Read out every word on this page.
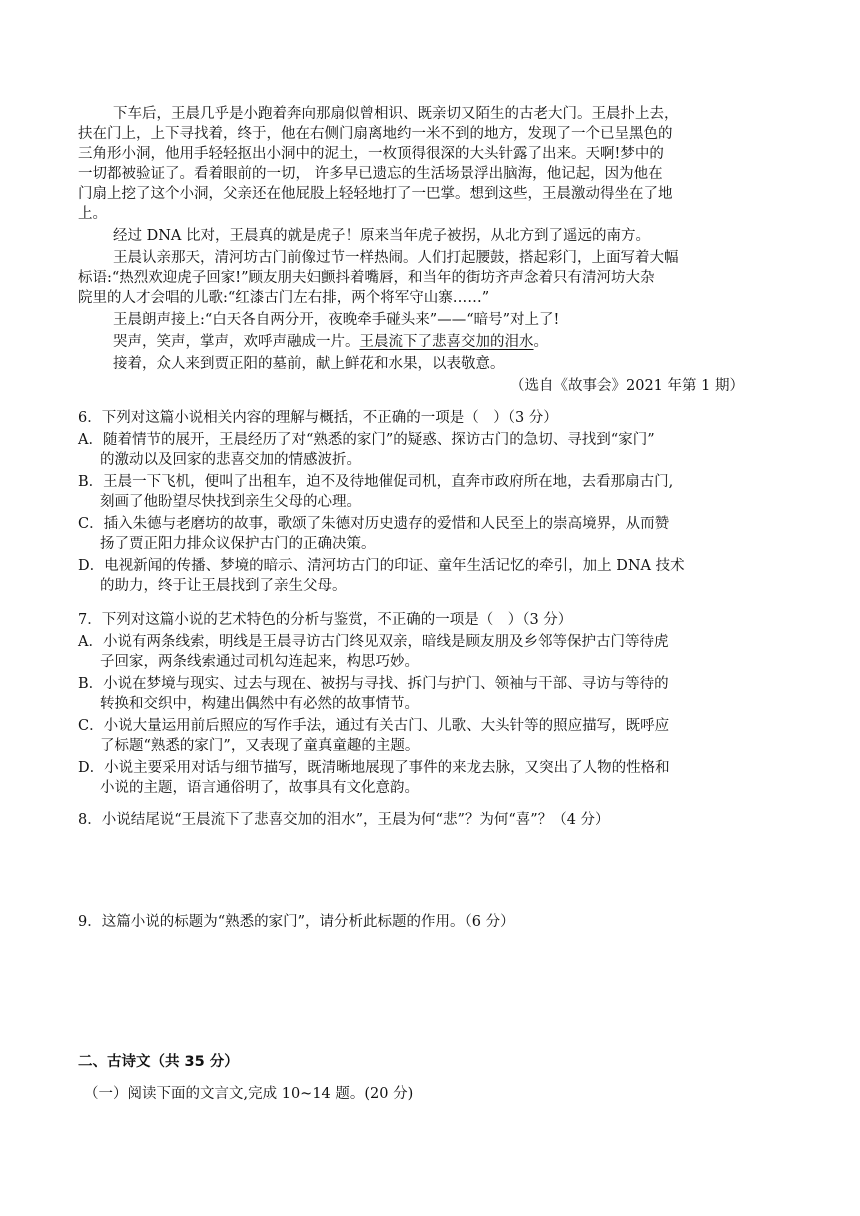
下车后，王晨几乎是小跑着奔向那扇似曾相识、既亲切又陌生的古老大门。王晨扑上去，
扶在门上，上下寻找着，终于，他在右侧门扇离地约一米不到的地方，发现了一个已呈黑色的
三角形小洞，他用手轻轻抠出小洞中的泥土，一枚顶得很深的大头针露了出来。天啊!梦中的
一切都被验证了。看着眼前的一切， 许多早已遗忘的生活场景浮出脑海，他记起，因为他在
门扇上挖了这个小洞，父亲还在他屁股上轻轻地打了一巴掌。想到这些，王晨激动得坐在了地
上。
经过 DNA 比对，王晨真的就是虎子！原来当年虎子被拐，从北方到了遥远的南方。
王晨认亲那天，清河坊古门前像过节一样热闹。人们打起腰鼓，搭起彩门，上面写着大幅
标语:“热烈欢迎虎子回家!”顾友朋夫妇颤抖着嘴唇，和当年的街坊齐声念着只有清河坊大杂
院里的人才会唱的儿歌:“红漆古门左右排，两个将军守山寨……”
王晨朗声接上:“白天各自两分开，夜晚牵手碰头来”——“暗号”对上了!
哭声，笑声，掌声，欢呼声融成一片。王晨流下了悲喜交加的泪水。
接着，众人来到贾正阳的墓前，献上鲜花和水果，以表敬意。
（选自《故事会》2021 年第 1 期）
6．下列对这篇小说相关内容的理解与概括，不正确的一项是（　）（3 分）
A．随着情节的展开，王晨经历了对“熟悉的家门”的疑惑、探访古门的急切、寻找到“家门”
的激动以及回家的悲喜交加的情感波折。
B．王晨一下飞机，便叫了出租车，迫不及待地催促司机，直奔市政府所在地，去看那扇古门,
刻画了他盼望尽快找到亲生父母的心理。
C．插入朱德与老磨坊的故事，歌颂了朱德对历史遗存的爱惜和人民至上的崇高境界，从而赞
扬了贾正阳力排众议保护古门的正确决策。
D．电视新闻的传播、梦境的暗示、清河坊古门的印证、童年生活记忆的牵引，加上 DNA 技术
的助力，终于让王晨找到了亲生父母。
7．下列对这篇小说的艺术特色的分析与鉴赏，不正确的一项是（　）（3 分）
A．小说有两条线索，明线是王晨寻访古门终见双亲，暗线是顾友朋及乡邻等保护古门等待虎
子回家，两条线索通过司机勾连起来，构思巧妙。
B．小说在梦境与现实、过去与现在、被拐与寻找、拆门与护门、领袖与干部、寻访与等待的
转换和交织中，构建出偶然中有必然的故事情节。
C．小说大量运用前后照应的写作手法，通过有关古门、儿歌、大头针等的照应描写，既呼应
了标题“熟悉的家门”，又表现了童真童趣的主题。
D．小说主要采用对话与细节描写，既清晰地展现了事件的来龙去脉，又突出了人物的性格和
小说的主题，语言通俗明了，故事具有文化意韵。
8．小说结尾说“王晨流下了悲喜交加的泪水”，王晨为何“悲”？为何“喜”？（4 分）
9．这篇小说的标题为“熟悉的家门”，请分析此标题的作用。（6 分）
二、古诗文（共 35 分）
（一）阅读下面的文言文,完成 10~14 题。(20 分)
